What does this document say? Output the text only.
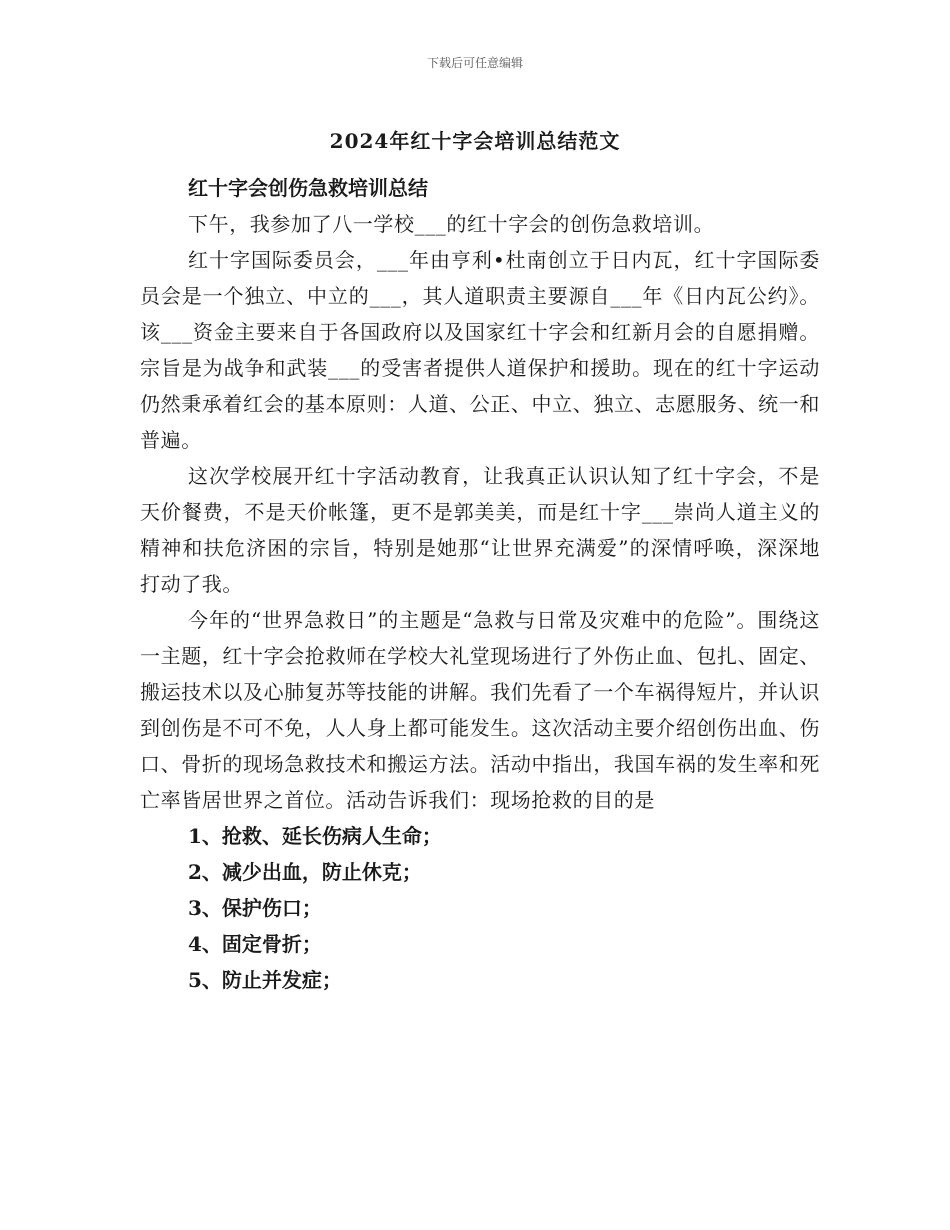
下载后可任意编辑
2024年红十字会培训总结范文

红十字会创伤急救培训总结

下午，我参加了八一学校___的红十字会的创伤急救培训。

红十字国际委员会，___年由亨利•杜南创立于日内瓦，红十字国际委员会是一个独立、中立的___，其人道职责主要源自___年《日内瓦公约》。该___资金主要来自于各国政府以及国家红十字会和红新月会的自愿捐赠。宗旨是为战争和武装___的受害者提供人道保护和援助。现在的红十字运动仍然秉承着红会的基本原则：人道、公正、中立、独立、志愿服务、统一和普遍。

这次学校展开红十字活动教育，让我真正认识认知了红十字会，不是天价餐费，不是天价帐篷，更不是郭美美，而是红十字___崇尚人道主义的精神和扶危济困的宗旨，特别是她那“让世界充满爱”的深情呼唤，深深地打动了我。

今年的“世界急救日”的主题是“急救与日常及灾难中的危险”。围绕这一主题，红十字会抢救师在学校大礼堂现场进行了外伤止血、包扎、固定、搬运技术以及心肺复苏等技能的讲解。我们先看了一个车祸得短片，并认识到创伤是不可不免，人人身上都可能发生。这次活动主要介绍创伤出血、伤口、骨折的现场急救技术和搬运方法。活动中指出，我国车祸的发生率和死亡率皆居世界之首位。活动告诉我们：现场抢救的目的是

1、抢救、延长伤病人生命；
2、减少出血，防止休克；
3、保护伤口；
4、固定骨折；
5、防止并发症；
